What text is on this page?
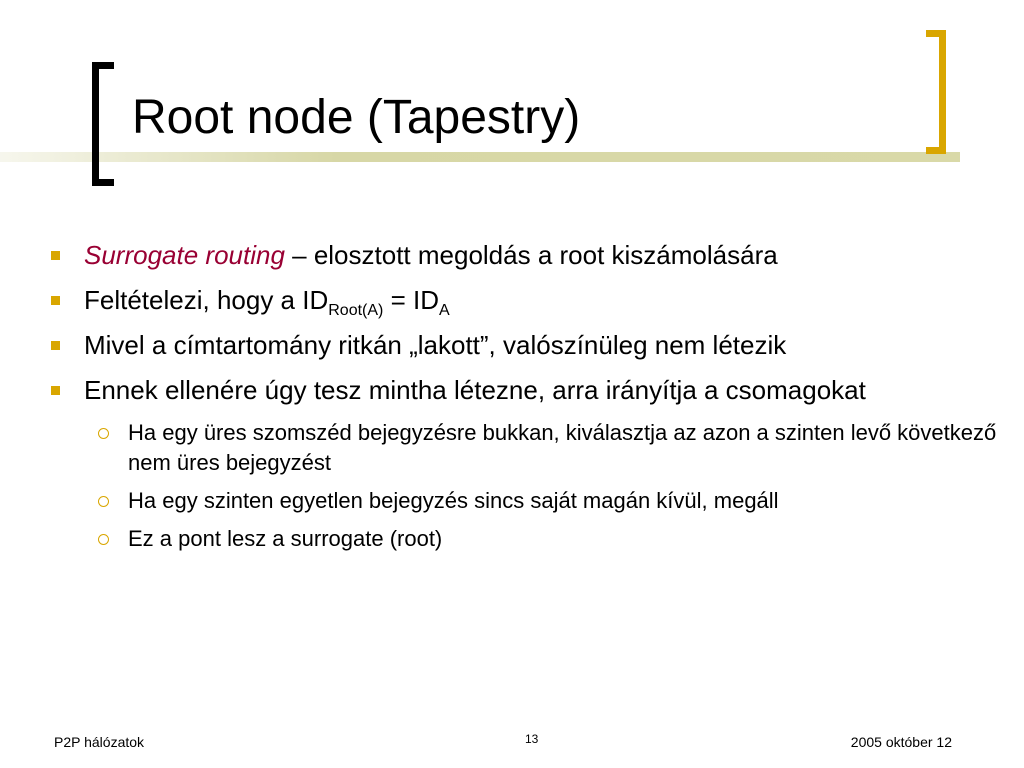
Root node (Tapestry)
Surrogate routing – elosztott megoldás a root kiszámolására
Feltételezi, hogy a $ID_{Root(A)} = ID_A$
Mivel a címtartomány ritkán „lakott”, valószínüleg nem létezik
Ennek ellenére úgy tesz mintha létezne, arra irányítja a csomagokat
Ha egy üres szomszéd bejegyzésre bukkan, kiválasztja az azon a szinten levő következő nem üres bejegyzést
Ha egy szinten egyetlen bejegyzés sincs saját magán kívül, megáll
Ez a pont lesz a surrogate (root)
P2P hálózatok	13	2005 október 12
